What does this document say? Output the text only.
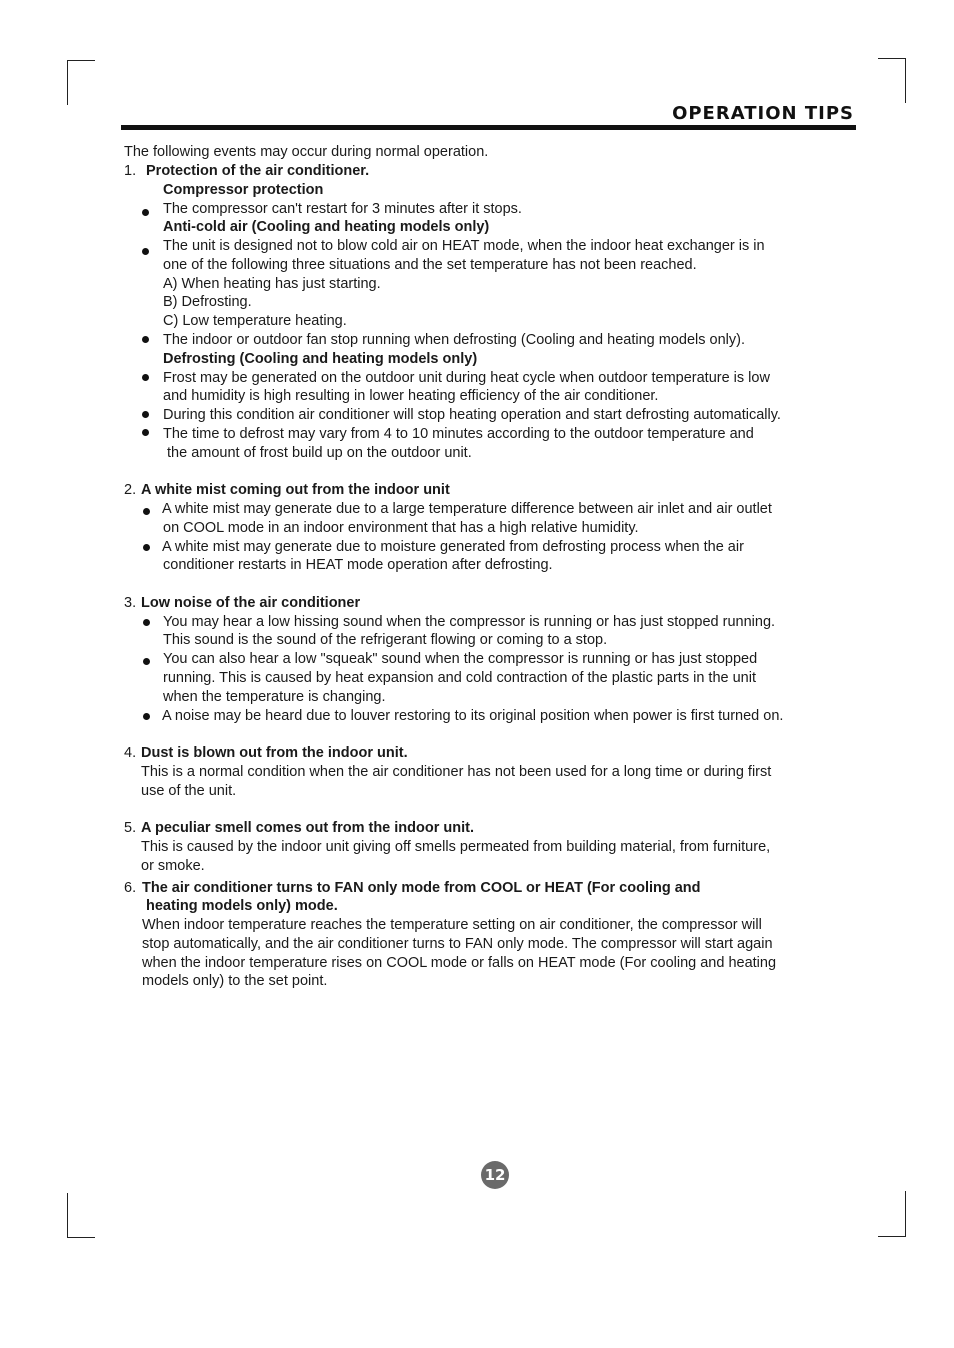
OPERATION TIPS
The following events may occur during normal operation.
1. Protection of the air conditioner.
Compressor protection
The compressor can't restart for 3 minutes after it stops.
Anti-cold air (Cooling and heating models only)
The unit is designed not to blow cold air on HEAT mode, when the indoor heat exchanger is in
one of the following three situations and the set temperature has not been reached.
A) When heating has just starting.
B) Defrosting.
C) Low temperature heating.
The indoor or outdoor fan stop running when defrosting (Cooling and heating models only).
Defrosting (Cooling and heating models only)
Frost may be generated on the outdoor unit during heat cycle when outdoor temperature is low
and humidity is high resulting in lower heating efficiency of the air conditioner.
During this condition air conditioner will stop heating operation and start defrosting automatically.
The time to defrost may vary from 4 to 10 minutes according to the outdoor temperature and
the amount of frost build up on the outdoor unit.
2. A white mist coming out from the indoor unit
A white mist may generate due to a large temperature difference between air inlet and air outlet
on COOL mode in an indoor environment that has a high relative humidity.
A white mist may generate due to moisture generated from defrosting process when the air
conditioner restarts in HEAT mode operation after defrosting.
3. Low noise of the air conditioner
You may hear a low hissing sound when the compressor is running or has just stopped running.
This sound is the sound of the refrigerant flowing or coming to a stop.
You can also hear a low "squeak" sound when the compressor is running or has just stopped
running. This is caused by heat expansion and cold contraction of the plastic parts in the unit
when the temperature is changing.
A noise may be heard due to louver restoring to its original position when power is first turned on.
4. Dust is blown out from the indoor unit.
This is a normal condition when the air conditioner has not been used for a long time or during first
use of the unit.
5. A peculiar smell comes out from the indoor unit.
This is caused by the indoor unit giving off smells permeated from building material, from furniture,
or smoke.
6. The air conditioner turns to FAN only mode from COOL or HEAT (For cooling and
heating models only) mode.
When indoor temperature reaches the temperature setting on air conditioner, the compressor will
stop automatically, and the air conditioner turns to FAN only mode. The compressor will start again
when the indoor temperature rises on COOL mode or falls on HEAT mode (For cooling and heating
models only) to the set point.
12
